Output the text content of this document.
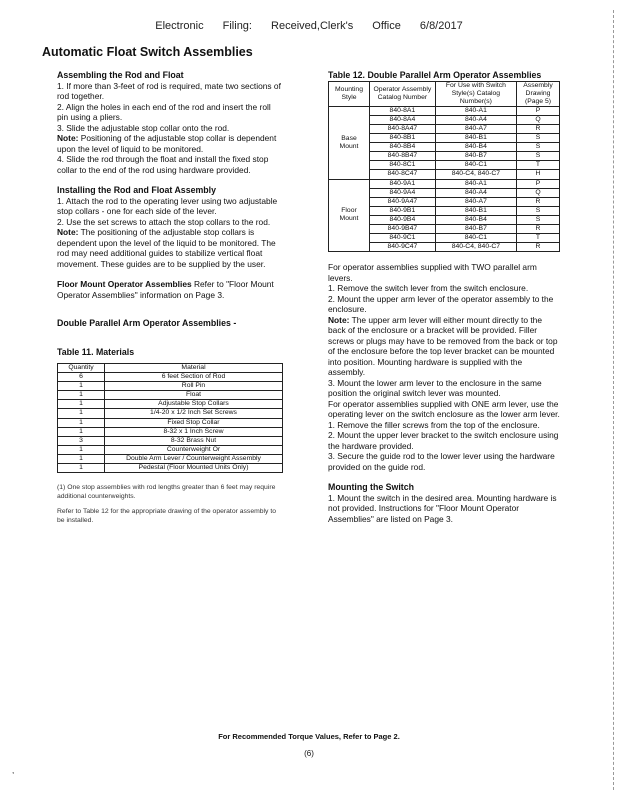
Electronic Filing: Received,Clerk's Office 6/8/2017
Automatic Float Switch Assemblies
Assembling the Rod and Float

1. If more than 3-feet of rod is required, mate two sections of rod together.

2. Align the holes in each end of the rod and insert the roll pin using a pliers.

3. Slide the adjustable stop collar onto the rod.

Note: Positioning of the adjustable stop collar is dependent upon the level of liquid to be monitored.

4. Slide the rod through the float and install the fixed stop collar to the end of the rod using hardware provided.

Installing the Rod and Float Assembly

1. Attach the rod to the operating lever using two adjustable stop collars - one for each side of the lever.

2. Use the set screws to attach the stop collars to the rod.

Note: The positioning of the adjustable stop collars is dependent upon the level of the liquid to be monitored. The rod may need additional guides to stabilize vertical float movement. These guides are to be supplied by the user.

Floor Mount Operator Assemblies Refer to "Floor Mount Operator Assemblies" information on Page 3.

Double Parallel Arm Operator Assemblies -
Table 11. Materials
Quantity	Material
6	6 feet Section of Rod
1	Roll Pin
1	Float
1	Adjustable Stop Collars
1	1/4-20 x 1/2 Inch Set Screws
1	Fixed Stop Collar
1	8-32 x 1 Inch Screw
3	8-32 Brass Nut
1	Counterweight Or
1	Double Arm Lever / Counterweight Assembly
1	Pedestal (Floor Mounted Units Only)

(1) One stop assemblies with rod lengths greater than 6 feet may require additional counterweights.

Refer to Table 12 for the appropriate drawing of the operator assembly to be installed.

Table 12. Double Parallel Arm Operator Assemblies
Mounting Style	Operator Assembly Catalog Number	For Use with Switch Style(s) Catalog Number(s)	Assembly Drawing (Page 5)
Base Mount	840-8A1	840-A1	P
	840-8A4	840-A4	Q
	840-8A47	840-A7	R
	840-8B1	840-B1	S
	840-8B4	840-B4	S
	840-8B47	840-B7	S
	840-8C1	840-C1	T
	840-8C47	840-C4, 840-C7	H
Floor Mount	840-9A1	840-A1	P
	840-9A4	840-A4	Q
	840-9A47	840-A7	R
	840-9B1	840-B1	S
	840-9B4	840-B4	S
	840-9B47	840-B7	R
	840-9C1	840-C1	T
	840-9C47	840-C4, 840-C7	R

For operator assemblies supplied with TWO parallel arm levers.

1. Remove the switch lever from the switch enclosure.

2. Mount the upper arm lever of the operator assembly to the enclosure.

Note: The upper arm lever will either mount directly to the back of the enclosure or a bracket will be provided. Filler screws or plugs may have to be removed from the back or top of the enclosure before the top lever bracket can be mounted into position. Mounting hardware is supplied with the assembly.

3. Mount the lower arm lever to the enclosure in the same position the original switch lever was mounted.

For operator assemblies supplied with ONE arm lever, use the operating lever on the switch enclosure as the lower arm lever.

1. Remove the filler screws from the top of the enclosure.

2. Mount the upper lever bracket to the switch enclosure using the hardware provided.

3. Secure the guide rod to the lower lever using the hardware provided on the guide rod.

Mounting the Switch

1. Mount the switch in the desired area. Mounting hardware is not provided. Instructions for "Floor Mount Operator Assemblies" are listed on Page 3.

For Recommended Torque Values, Refer to Page 2.
(6)
,
